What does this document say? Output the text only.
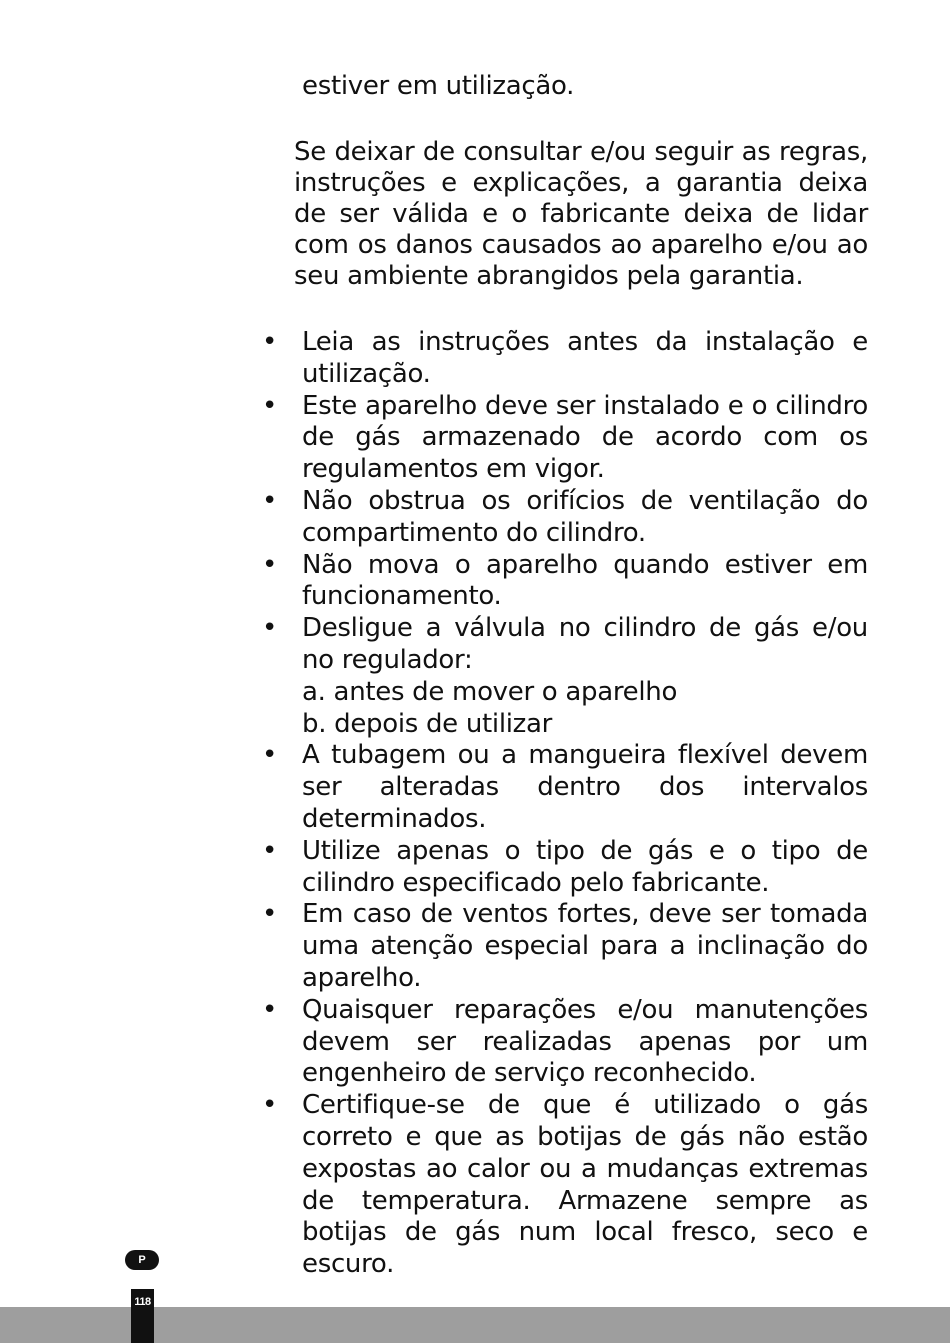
estiver em utilização.

Se deixar de consultar e/ou seguir as regras, instruções e explicações, a garantia deixa de ser válida e o fabricante deixa de lidar com os danos causados ao aparelho e/ou ao seu ambiente abrangidos pela garantia.

• Leia as instruções antes da instalação e utilização.
• Este aparelho deve ser instalado e o cilindro de gás armazenado de acordo com os regulamentos em vigor.
• Não obstrua os orifícios de ventilação do compartimento do cilindro.
• Não mova o aparelho quando estiver em funcionamento.
• Desligue a válvula no cilindro de gás e/ou no regulador:
a. antes de mover o aparelho
b. depois de utilizar
• A tubagem ou a mangueira flexível devem ser alteradas dentro dos intervalos determinados.
• Utilize apenas o tipo de gás e o tipo de cilindro especificado pelo fabricante.
• Em caso de ventos fortes, deve ser tomada uma atenção especial para a inclinação do aparelho.
• Quaisquer reparações e/ou manutenções devem ser realizadas apenas por um engenheiro de serviço reconhecido.
• Certifique-se de que é utilizado o gás correto e que as botijas de gás não estão expostas ao calor ou a mudanças extremas de temperatura. Armazene sempre as botijas de gás num local fresco, seco e escuro.
P
118
